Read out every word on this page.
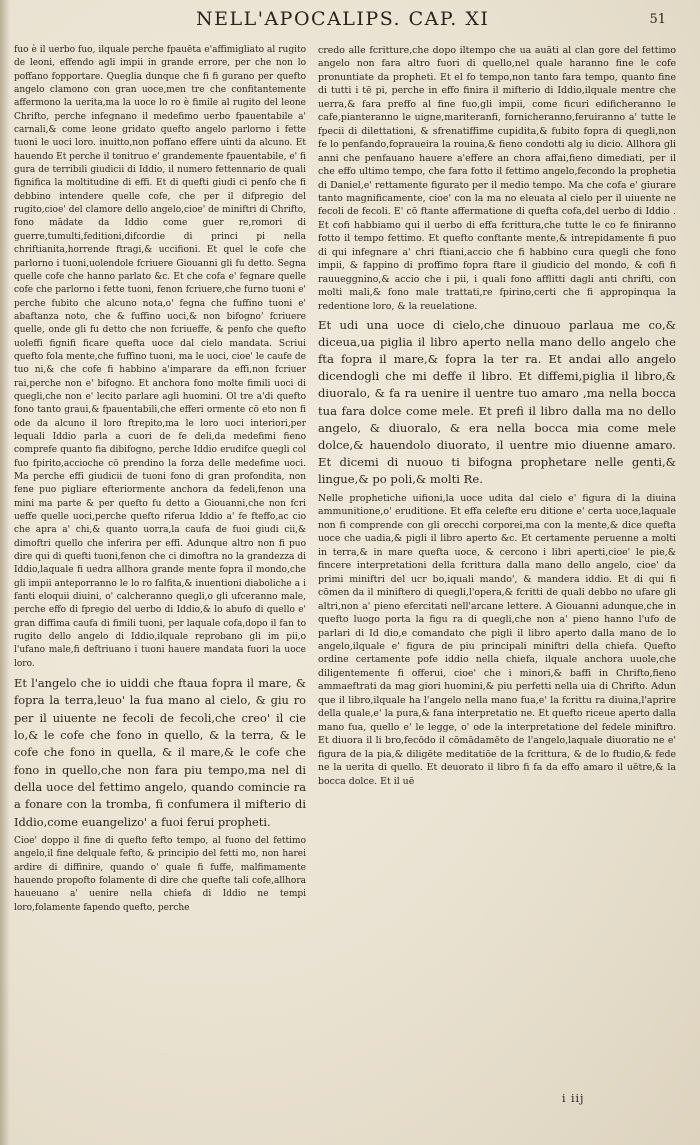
NELL'APOCALIPS. CAP. XI	51

fuo è il uerbo fuo, ilquale perche fpauēta e'affimigliato al rugito de leoni, effendo agli impii in grande errore, per che non lo poffano fopportare. Queglia dunque che fi fi gurano per quefto angelo clamono con gran uoce,men tre che confitantemente affermono la uerita,ma la uoce lo ro è fimile al rugito del leone Chrifto, perche infegnano il medefimo uerbo fpauentabile a' carnali,& come leone gridato quefto angelo parlorno i fette tuoni le uoci loro. inuitto,non poffano effere uinti da alcuno. Et hauendo Et perche il tonitruo e' grandemente fpauentabile, e' fi gura de terribili giudicii di Iddio, il numero fettennario de quali fignifica la moltitudine di effi. Et di quefti giudi ci penfo che fi debbino intendere quelle cofe, che per il difpregio del rugito,cioe' del clamore dello angelo,cioe' de miniftri di Chrifto, fono mādate da Iddio come guer re,romori di guerre,tumulti,feditioni,difcordie di princi pi nella chriftianita,horrende ftragi,& uccifioni. Et quel le cofe che parlorno i tuoni,uolendole fcriuere Giouanni gli fu detto. Segna quelle cofe che hanno parlato &c. Et che cofa e' fegnare quelle cofe che parlorno i fette tuoni, fenon fcriuere,che furno tuoni e' perche fubito che alcuno nota,o' fegna che fuffino tuoni e' abaftanza noto, che & fuffino uoci,& non bifogno' fcriuere quelle, onde gli fu detto che non fcriueffe, & penfo che quefto uoleffi fignifi ficare quefta uoce dal cielo mandata. Scriui quefto fola mente,che fuffino tuoni, ma le uoci, cioe' le caufe de tuo ni,& che cofe fi habbino a'imparare da effi,non fcriuer rai,perche non e' bifogno. Et anchora fono molte fimili uoci di quegli,che non e' lecito parlare agli huomini. Ol tre a'di quefto fono tanto graui,& fpauentabili,che efferi ormente cō eto non fi ode da alcuno il loro ftrepito,ma le loro uoci interiori,per lequali Iddio parla a cuori de fe deli,da medefimi fieno comprefe quanto fia dibifogno, perche Iddio erudifce quegli col fuo fpirito,accioche cō prendino la forza delle medefime uoci. Ma perche effi giudicii de tuoni fono di gran profondita, non fene puo pigliare efteriormente anchora da fedeli,fenon una mini ma parte & per quefto fu detto a Giouanni,che non fcri ueffe quelle uoci,perche quefto riferua Iddio a' fe fteffo,ac cio che apra a' chi,& quanto uorra,la caufa de fuoi giudi cii,& dimoftri quello che inferira per effi. Adunque altro non fi puo dire qui di quefti tuoni,fenon che ci dimoftra no la grandezza di Iddio,laquale fi uedra allhora grande mente fopra il mondo,che gli impii anteporranno le lo ro falfita,& inuentioni diaboliche a i fanti eloquii diuini, o' calcheranno quegli,o gli ufceranno male, perche effo di fpregio del uerbo di Iddio,& lo abufo di quello e' gran diffima caufa di fimili tuoni, per laquale cofa,dopo il fan to rugito dello angelo di Iddio,ilquale reprobano gli im pii,o l'ufano male,fi deftriuano i tuoni hauere mandata fuori la uoce loro.

Et l'angelo che io uiddi che ftaua fopra il mare, & fopra la terra,leuo' la fua mano al cielo, & giu ro per il uiuente ne fecoli de fecoli,che creo' il cie lo,& le cofe che fono in quello, & la terra, & le cofe che fono in quella, & il mare,& le cofe che fono in quello,che non fara piu tempo,ma nel di della uoce del fettimo angelo, quando comincie ra a fonare con la tromba, fi confumera il mifterio di Iddio,come euangelizo' a fuoi ferui propheti.

Cioe' doppo il fine di quefto fefto tempo, al fuono del fettimo angelo,il fine delquale fefto, & principio del fetti mo, non harei ardire di diffinire, quando o' quale fi fuffe, malfimamente hauendo propofto folamente di dire che quefte tali cofe,allhora haueuano a' uenire nella chiefa di Iddio ne tempi loro,folamente fapendo quefto, perche

credo alle fcritture,che dopo iltempo che ua auāti al clan gore del fettimo angelo non fara altro fuori di quello,nel quale haranno fine le cofe pronuntiate da propheti. Et el fo tempo,non tanto fara tempo, quanto fine di tutti i tē pi, perche in effo finira il mifterio di Iddio,ilquale mentre che uerra,& fara preffo al fine fuo,gli impii, come ficuri edificheranno le cafe,pianteranno le uigne,mariteranfi, fornicheranno,feruiranno a' tutte le fpecii di dilettationi, & sfrenatiffime cupidita,& fubito fopra di quegli,non fe lo penfando,fopraueira la rouina,& fieno condotti alg iu dicio. Allhora gli anni che penfauano hauere a'effere an chora affai,fieno dimediati, per il che effo ultimo tempo, che fara fotto il fettimo angelo,fecondo la prophetia di Daniel,e' rettamente figurato per il medio tempo. Ma che cofa e' giurare tanto magnificamente, cioe' con la ma no eleuata al cielo per il uiuente ne fecoli de fecoli. E' cō ftante affermatione di quefta cofa,del uerbo di Iddio . Et cofi habbiamo qui il uerbo di effa fcrittura,che tutte le co fe finiranno fotto il tempo fettimo. Et quefto conftante mente,& intrepidamente fi puo di qui infegnare a' chri ftiani,accio che fi habbino cura quegli che fono impii, & fappino di proffimo fopra ftare il giudicio del mondo, & cofi fi rauueggnino,& accio che i pii, i quali fono afflitti dagli anti chrifti, con molti mali,& fono male trattati,re fpirino,certi che fi appropinqua la redentione loro, & la reuelatione.

Et udi una uoce di cielo,che dinuouo parlaua me co,& diceua,ua piglia il libro aperto nella mano dello angelo che fta fopra il mare,& fopra la ter ra. Et andai allo angelo dicendogli che mi deffe il libro. Et diffemi,piglia il libro,& diuoralo, & fa ra uenire il uentre tuo amaro ,ma nella bocca tua fara dolce come mele. Et prefi il libro dalla ma no dello angelo, & diuoralo, & era nella bocca mia come mele dolce,& hauendolo diuorato, il uentre mio diuenne amaro. Et dicemi di nuouo ti bifogna prophetare nelle genti,& lingue,& po poli,& molti Re.

Nelle prophetiche uifioni,la uoce udita dal cielo e' figura di la diuina ammunitione,o' eruditione. Et effa celefte eru ditione e' certa uoce,laquale non fi comprende con gli orecchi corporei,ma con la mente,& dice quefta uoce che uadia,& pigli il libro aperto &c. Et certamente peruenne a molti in terra,& in mare quefta uoce, & cercono i libri aperti,cioe' le pie,& fincere interpretationi della fcrittura dalla mano dello angelo, cioe' da primi miniftri del ucr bo,iquali mando', & mandera iddio. Et di qui fi cōmen da il miniftero di quegli,l'opera,& fcritti de quali debbo no ufare gli altri,non a' pieno efercitati nell'arcane lettere. A Giouanni adunque,che in quefto luogo porta la figu ra di quegli,che non a' pieno hanno l'ufo de parlari di Id dio,e comandato che pigli il libro aperto dalla mano de lo angelo,ilquale e' figura de piu principali miniftri della chiefa. Quefto ordine certamente pofe iddio nella chiefa, ilquale anchora uuole,che diligentemente fi offerui, cioe' che i minori,& baffi in Chrifto,fieno ammaeftrati da mag giori huomini,& piu perfetti nella uia di Chrifto. Adun que il libro,ilquale ha l'angelo nella mano fua,e' la fcrittu ra diuina,l'aprire della quale,e' la pura,& fana interpretatio ne. Et quefto riceue aperto dalla mano fua, quello e' le legge, o' ode la interpretatione del fedele miniftro. Et diuora il li bro,fecōdo il cōmādamēto de l'angelo,laquale diuoratio ne e' figura de la pia,& diligēte meditatiōe de la fcrittura, & de lo ftudio,& fede ne la uerita di quello. Et deuorato il libro fi fa da effo amaro il uētre,& la bocca dolce. Et il uē

i iij
